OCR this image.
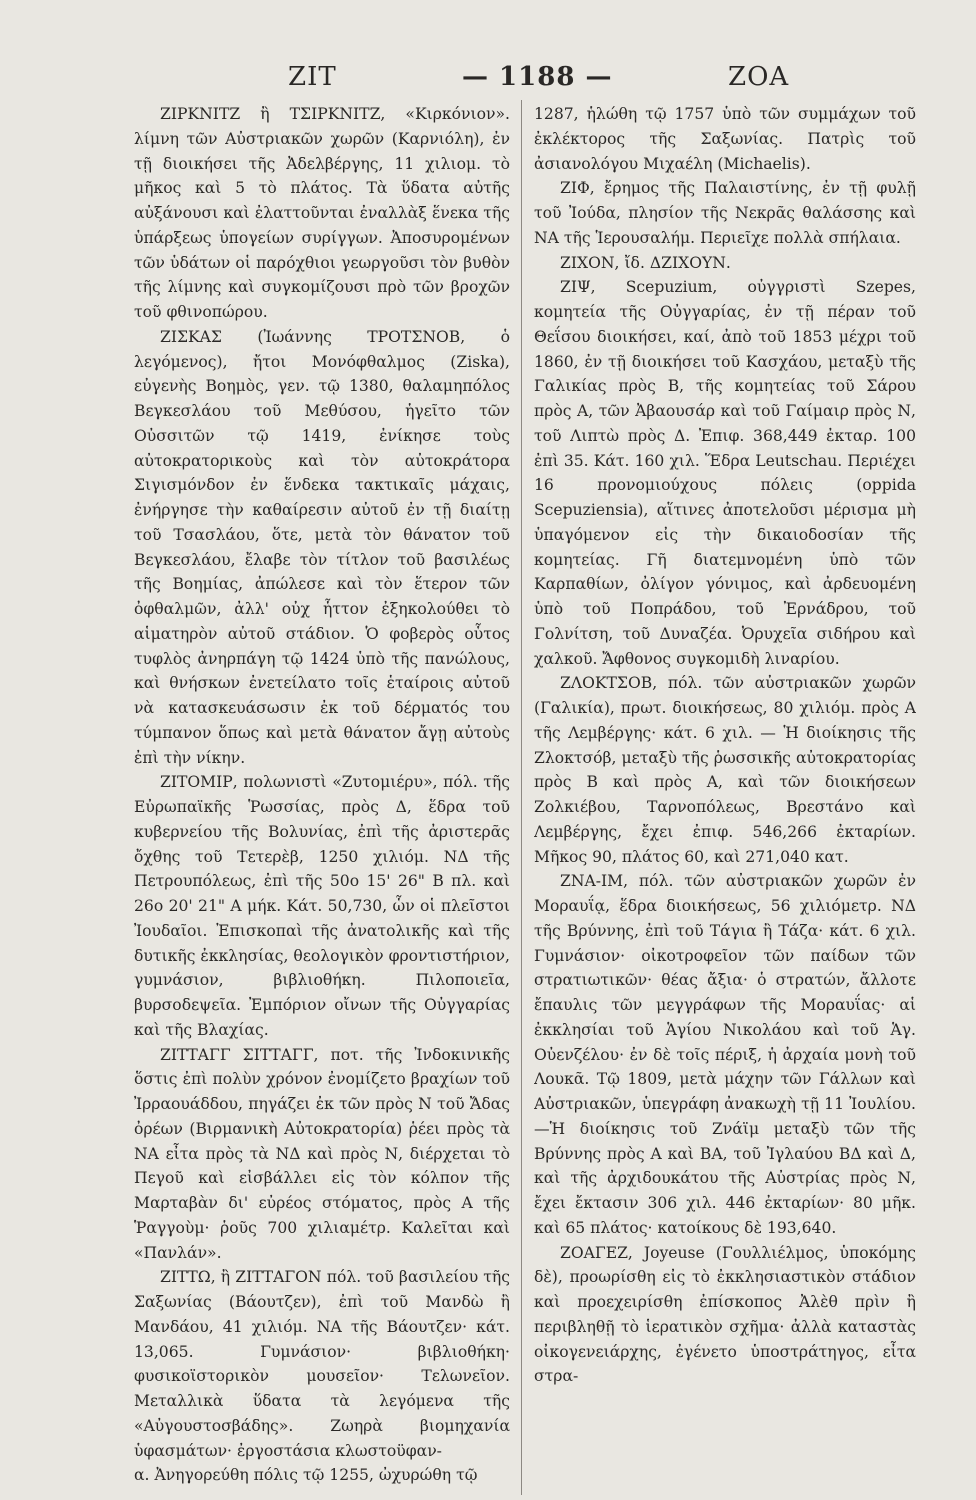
ΖΙΤ	— 1188 —	ΖΟΑ

ΖΙΡΚΝΙΤΖ ἢ ΤΣΙΡΚΝΙΤΖ, «Κιρκόνιον». λίμνη τῶν Αὐστριακῶν χωρῶν (Καρνιόλη), ἐν τῇ διοικήσει τῆς Ἀδελβέργης, 11 χιλιομ. τὸ μῆκος καὶ 5 τὸ πλάτος. Τὰ ὕδατα αὐτῆς αὐξάνουσι καὶ ἐλαττοῦνται ἐναλλὰξ ἕνεκα τῆς ὑπάρξεως ὑπογείων συρίγγων. Ἀποσυρομένων τῶν ὑδάτων οἱ παρόχθιοι γεωργοῦσι τὸν βυθὸν τῆς λίμνης καὶ συγκομίζουσι πρὸ τῶν βροχῶν τοῦ φθινοπώρου.

ΖΙΣΚΑΣ (Ἰωάννης ΤΡΟΤΣΝΟΒ, ὁ λεγόμενος), ἤτοι Μονόφθαλμος (Ziska), εὐγενὴς Βοημὸς, γεν. τῷ 1380, θαλαμηπόλος Βεγκεσλάου τοῦ Μεθύσου, ἡγεῖτο τῶν Οὐσσιτῶν τῷ 1419, ἐνίκησε τοὺς αὐτοκρατορικοὺς καὶ τὸν αὐτοκράτορα Σιγισμόνδον ἐν ἕνδεκα τακτικαῖς μάχαις, ἐνήργησε τὴν καθαίρεσιν αὐτοῦ ἐν τῇ διαίτῃ τοῦ Τσασλάου, ὅτε, μετὰ τὸν θάνατον τοῦ Βεγκεσλάου, ἔλαβε τὸν τίτλον τοῦ βασιλέως τῆς Βοημίας, ἀπώλεσε καὶ τὸν ἕτερον τῶν ὀφθαλμῶν, ἀλλ' οὐχ ἧττον ἐξηκολούθει τὸ αἱματηρὸν αὐτοῦ στάδιον. Ὁ φοβερὸς οὗτος τυφλὸς ἀνηρπάγη τῷ 1424 ὑπὸ τῆς πανώλους, καὶ θνήσκων ἐνετείλατο τοῖς ἑταίροις αὐτοῦ νὰ κατασκευάσωσιν ἐκ τοῦ δέρματός του τύμπανον ὅπως καὶ μετὰ θάνατον ἄγῃ αὐτοὺς ἐπὶ τὴν νίκην.

ΖΙΤΟΜΙΡ, πολωνιστὶ «Ζυτομιέρυ», πόλ. τῆς Εὐρωπαϊκῆς Ῥωσσίας, πρὸς Δ, ἕδρα τοῦ κυβερνείου τῆς Βολυνίας, ἐπὶ τῆς ἀριστερᾶς ὄχθης τοῦ Τετερὲβ, 1250 χιλιόμ. ΝΔ τῆς Πετρουπόλεως, ἐπὶ τῆς 50ο 15' 26" Β πλ. καὶ 26ο 20' 21" Α μήκ. Κάτ. 50,730, ὧν οἱ πλεῖστοι Ἰουδαῖοι. Ἐπισκοπαὶ τῆς ἀνατολικῆς καὶ τῆς δυτικῆς ἐκκλησίας, θεολογικὸν φροντιστήριον, γυμνάσιον, βιβλιοθήκη. Πιλοποιεῖα, βυρσοδεψεῖα. Ἐμπόριον οἴνων τῆς Οὐγγαρίας καὶ τῆς Βλαχίας.

ΖΙΤΤΑΓΓ ΣΙΤΤΑΓΓ, ποτ. τῆς Ἰνδοκινικῆς ὅστις ἐπὶ πολὺν χρόνον ἐνομίζετο βραχίων τοῦ Ἰρραουάδδου, πηγάζει ἐκ τῶν πρὸς Ν τοῦ Ἄδας ὀρέων (Βιρμανικὴ Αὐτοκρατορία) ῥέει πρὸς τὰ ΝΑ εἶτα πρὸς τὰ ΝΔ καὶ πρὸς Ν, διέρχεται τὸ Πεγοῦ καὶ εἰσβάλλει εἰς τὸν κόλπον τῆς Μαρταβὰν δι' εὐρέος στόματος, πρὸς Α τῆς Ῥαγγοὺμ· ῥοῦς 700 χιλιαμέτρ. Καλεῖται καὶ «Πανλάν».

ΖΙΤΤΩ, ἢ ΖΙΤΤΑΓΟΝ πόλ. τοῦ βασιλείου τῆς Σαξωνίας (Βάουτζεν), ἐπὶ τοῦ Μανδὼ ἢ Μανδάου, 41 χιλιόμ. ΝΑ τῆς Βάουτζεν· κάτ. 13,065. Γυμνάσιον· βιβλιοθήκη· φυσικοϊστορικὸν μουσεῖον· Τελωνεῖον. Μεταλλικὰ ὕδατα τὰ λεγόμενα τῆς «Αὐγουστοσβάδης». Ζωηρὰ βιομηχανία ὑφασμάτων· ἐργοστάσια κλωστοϋφαν-

α. Ἀνηγορεύθη πόλις τῷ 1255, ὠχυρώθη τῷ

1287, ἡλώθη τῷ 1757 ὑπὸ τῶν συμμάχων τοῦ ἐκλέκτορος τῆς Σαξωνίας. Πατρὶς τοῦ ἀσιανολόγου Μιχαέλη (Michaelis).

ΖΙΦ, ἔρημος τῆς Παλαιστίνης, ἐν τῇ φυλῇ τοῦ Ἰούδα, πλησίον τῆς Νεκρᾶς θαλάσσης καὶ ΝΑ τῆς Ἱερουσαλήμ. Περιεῖχε πολλὰ σπήλαια.

ΖΙΧΟΝ, ἴδ. ΔΖΙΧΟΥΝ.

ΖΙΨ, Scepuzium, οὐγγριστὶ Szepes, κομητεία τῆς Οὐγγαρίας, ἐν τῇ πέραν τοῦ Θεΐσου διοικήσει, καί, ἀπὸ τοῦ 1853 μέχρι τοῦ 1860, ἐν τῇ διοικήσει τοῦ Κασχάου, μεταξὺ τῆς Γαλικίας πρὸς Β, τῆς κομητείας τοῦ Σάρου πρὸς Α, τῶν Ἀβαουσάρ καὶ τοῦ Γαίμαιρ πρὸς Ν, τοῦ Λιπτὼ πρὸς Δ. Ἐπιφ. 368,449 ἐκταρ. 100 ἐπὶ 35. Κάτ. 160 χιλ. Ἕδρα Leutschau. Περιέχει 16 προνομιούχους πόλεις (oppida Scepuziensia), αἵτινες ἀποτελοῦσι μέρισμα μὴ ὑπαγόμενον εἰς τὴν δικαιοδοσίαν τῆς κομητείας. Γῆ διατεμνομένη ὑπὸ τῶν Καρπαθίων, ὀλίγον γόνιμος, καὶ ἀρδευομένη ὑπὸ τοῦ Ποπράδου, τοῦ Ἐρνάδρου, τοῦ Γολνίτση, τοῦ Δυναζέα. Ὀρυχεῖα σιδήρου καὶ χαλκοῦ. Ἄφθονος συγκομιδὴ λιναρίου.

ΖΛΟΚΤΣΟΒ, πόλ. τῶν αὐστριακῶν χωρῶν (Γαλικία), πρωτ. διοικήσεως, 80 χιλιόμ. πρὸς Α τῆς Λεμβέργης· κάτ. 6 χιλ. — Ἡ διοίκησις τῆς Ζλοκτσόβ, μεταξὺ τῆς ῥωσσικῆς αὐτοκρατορίας πρὸς Β καὶ πρὸς Α, καὶ τῶν διοικήσεων Ζολκιέβου, Ταρνοπόλεως, Βρεστάνο καὶ Λεμβέργης, ἔχει ἐπιφ. 546,266 ἐκταρίων. Μῆκος 90, πλάτος 60, καὶ 271,040 κατ.

ΖΝΑ-ΙΜ, πόλ. τῶν αὐστριακῶν χωρῶν ἐν Μοραυΐᾳ, ἕδρα διοικήσεως, 56 χιλιόμετρ. ΝΔ τῆς Βρύννης, ἐπὶ τοῦ Τάγια ἢ Τάζα· κάτ. 6 χιλ. Γυμνάσιον· οἰκοτροφεῖον τῶν παίδων τῶν στρατιωτικῶν· θέας ἄξια· ὁ στρατών, ἄλλοτε ἔπαυλις τῶν μεγγράφων τῆς Μοραυΐας· αἱ ἐκκλησίαι τοῦ Ἁγίου Νικολάου καὶ τοῦ Ἁγ. Οὐενζέλου· ἐν δὲ τοῖς πέριξ, ἡ ἀρχαία μονὴ τοῦ Λουκᾶ. Τῷ 1809, μετὰ μάχην τῶν Γάλλων καὶ Αὐστριακῶν, ὑπεγράφη ἀνακωχὴ τῇ 11 Ἰουλίου.—Ἡ διοίκησις τοῦ Ζνάϊμ μεταξὺ τῶν τῆς Βρύννης πρὸς Α καὶ ΒΑ, τοῦ Ἰγλαύου ΒΔ καὶ Δ, καὶ τῆς ἀρχιδουκάτου τῆς Αὐστρίας πρὸς Ν, ἔχει ἔκτασιν 306 χιλ. 446 ἐκταρίων· 80 μῆκ. καὶ 65 πλάτος· κατοίκους δὲ 193,640.

ΖΟΑΓΕΖ, Joyeuse (Γουλλιέλμος, ὑποκόμης δὲ), προωρίσθη εἰς τὸ ἐκκλησιαστικὸν στάδιον καὶ προεχειρίσθη ἐπίσκοπος Ἀλὲθ πρὶν ἢ περιβληθῇ τὸ ἱερατικὸν σχῆμα· ἀλλὰ καταστὰς οἰκογενειάρχης, ἐγένετο ὑποστράτηγος, εἶτα στρα-
